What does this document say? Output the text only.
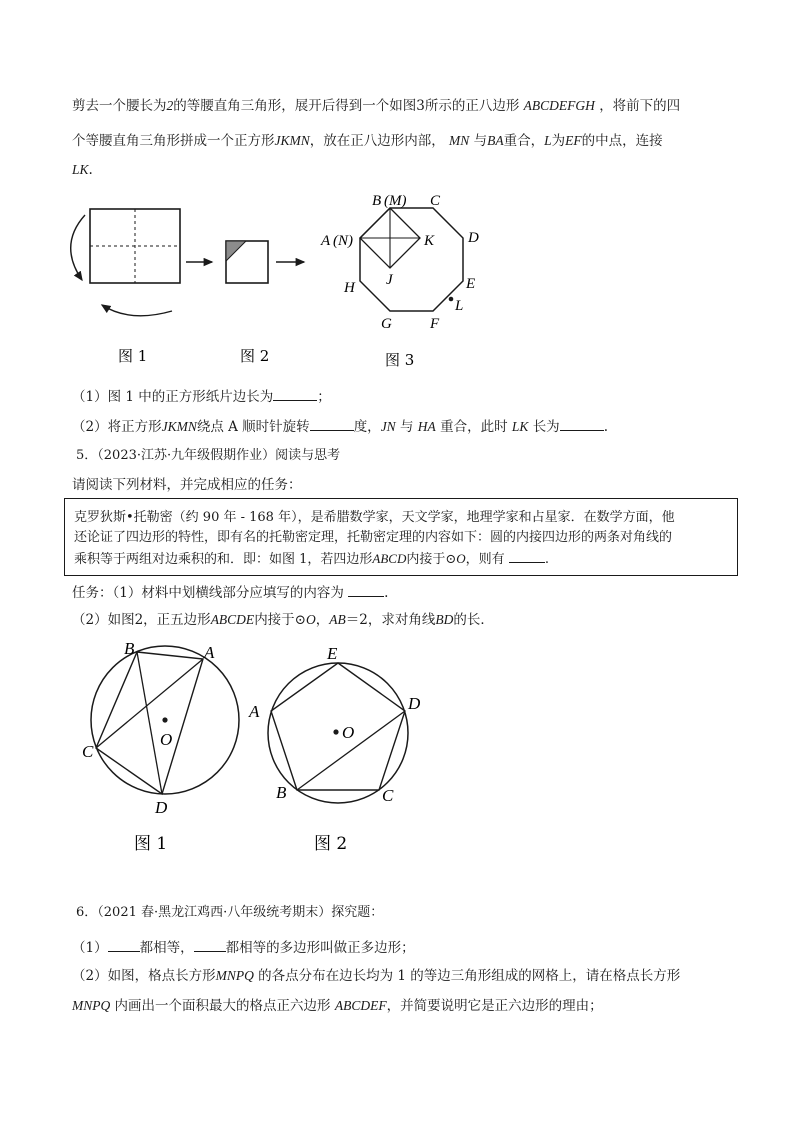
剪去一个腰长为2的等腰直角三角形，展开后得到一个如图3所示的正八边形 ABCDEFGH ，将前下的四
个等腰直角三角形拼成一个正方形JKMN，放在正八边形内部， MN 与BA重合，L为EF的中点，连接
LK.
B (M) C
A (N)	K D
J
H	E
L
G	F
图 1	图 2	图 3
（1）图 1 中的正方形纸片边长为	；
（2）将正方形JKMN绕点 A 顺时针旋转	度，JN 与 HA 重合，此时 LK 长为	.
5．（2023·江苏·九年级假期作业）阅读与思考
请阅读下列材料，并完成相应的任务：
克罗狄斯•托勒密（约 90 年 - 168 年），是希腊数学家，天文学家，地理学家和占星家．在数学方面，他
还论证了四边形的特性，即有名的托勒密定理，托勒密定理的内容如下：圆的内接四边形的两条对角线的
乘积等于两组对边乘积的和．即：如图 1，若四边形ABCD内接于⊙O，则有	.
任务：（1）材料中划横线部分应填写的内容为	.
（2）如图2，正五边形ABCDE内接于⊙O，AB＝2，求对角线BD的长．
B	A
C
D
O
E
A	D
B	C
O
图 1	图 2
6．（2021 春·黑龙江鸡西·八年级统考期末）探究题：
（1） 都相等， 都相等的多边形叫做正多边形；
（2）如图，格点长方形MNPQ 的各点分布在边长均为 1 的等边三角形组成的网格上，请在格点长方形
MNPQ 内画出一个面积最大的格点正六边形 ABCDEF，并简要说明它是正六边形的理由；
